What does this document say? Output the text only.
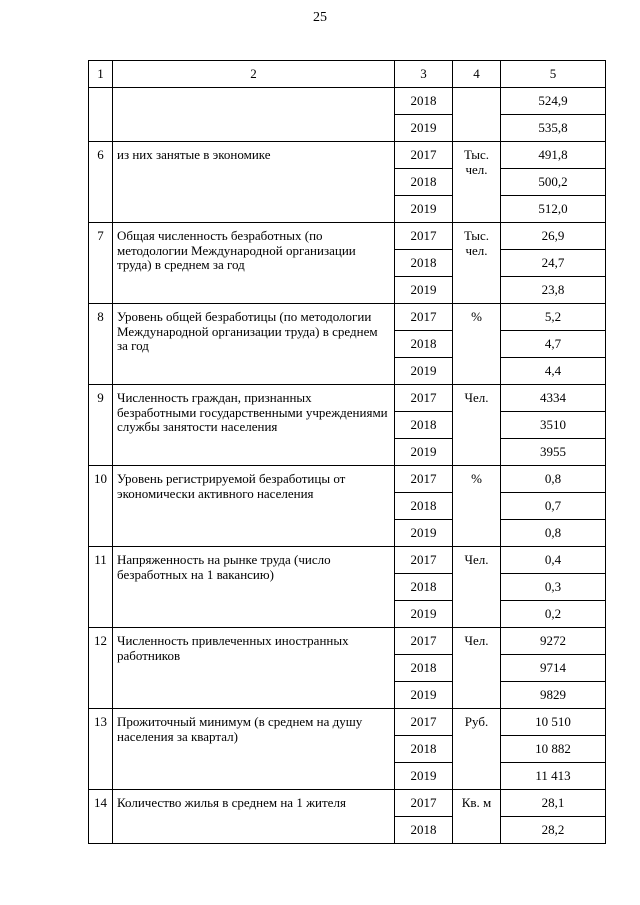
25
1	2	3	4	5
		2018		524,9
		2019		535,8
6	из них занятые в экономике	2017	Тыс. чел.	491,8
		2018		500,2
		2019		512,0
7	Общая численность безработных (по методологии Международной организации труда) в среднем за год	2017	Тыс. чел.	26,9
		2018		24,7
		2019		23,8
8	Уровень общей безработицы (по методологии Международной организации труда) в среднем за год	2017	%	5,2
		2018		4,7
		2019		4,4
9	Численность граждан, признанных безработными государственными учреждениями службы занятости населения	2017	Чел.	4334
		2018		3510
		2019		3955
10	Уровень регистрируемой безработицы от экономически активного населения	2017	%	0,8
		2018		0,7
		2019		0,8
11	Напряженность на рынке труда (число безработных на 1 вакансию)	2017	Чел.	0,4
		2018		0,3
		2019		0,2
12	Численность привлеченных иностранных работников	2017	Чел.	9272
		2018		9714
		2019		9829
13	Прожиточный минимум (в среднем на душу населения за квартал)	2017	Руб.	10 510
		2018		10 882
		2019		11 413
14	Количество жилья в среднем на 1 жителя	2017	Кв. м	28,1
		2018		28,2
